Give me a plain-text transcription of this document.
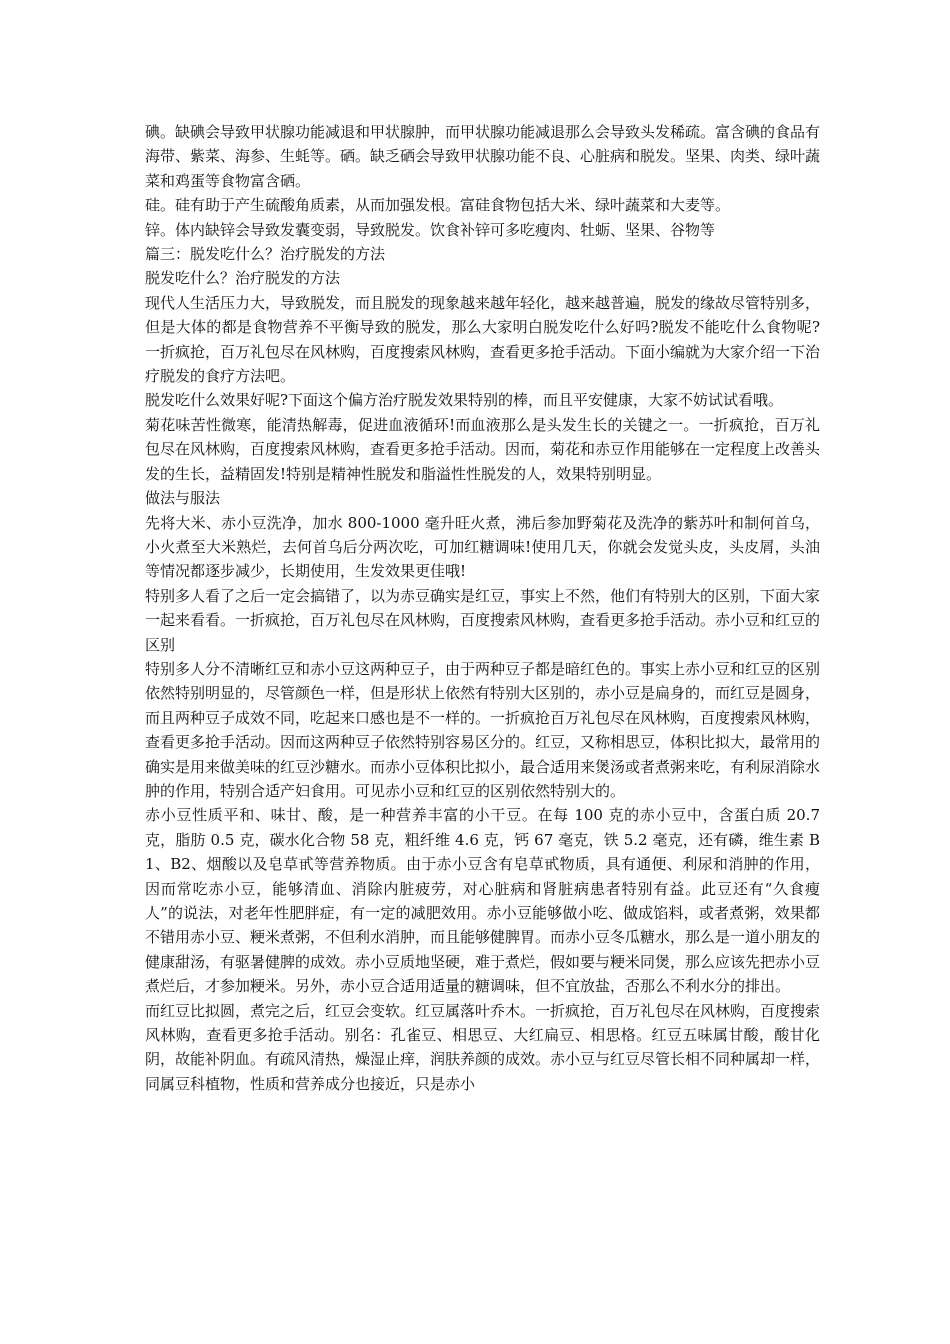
碘。缺碘会导致甲状腺功能减退和甲状腺肿，而甲状腺功能减退那么会导致头发稀疏。富含碘的食品有海带、紫菜、海参、生蚝等。硒。缺乏硒会导致甲状腺功能不良、心脏病和脱发。坚果、肉类、绿叶蔬菜和鸡蛋等食物富含硒。

硅。硅有助于产生硫酸角质素，从而加强发根。富硅食物包括大米、绿叶蔬菜和大麦等。

锌。体内缺锌会导致发囊变弱，导致脱发。饮食补锌可多吃瘦肉、牡蛎、坚果、谷物等

篇三：脱发吃什么？治疗脱发的方法

脱发吃什么？治疗脱发的方法

现代人生活压力大，导致脱发，而且脱发的现象越来越年轻化，越来越普遍，脱发的缘故尽管特别多，但是大体的都是食物营养不平衡导致的脱发，那么大家明白脱发吃什么好吗?脱发不能吃什么食物呢? 一折疯抢，百万礼包尽在风林购，百度搜索风林购，查看更多抢手活动。下面小编就为大家介绍一下治疗脱发的食疗方法吧。

脱发吃什么效果好呢?下面这个偏方治疗脱发效果特别的棒，而且平安健康，大家不妨试试看哦。

菊花味苦性微寒，能清热解毒，促进血液循环!而血液那么是头发生长的关键之一。一折疯抢，百万礼包尽在风林购，百度搜索风林购，查看更多抢手活动。因而，菊花和赤豆作用能够在一定程度上改善头发的生长，益精固发!特别是精神性脱发和脂溢性性脱发的人，效果特别明显。

做法与服法

先将大米、赤小豆洗净，加水 800-1000 毫升旺火煮，沸后参加野菊花及洗净的紫苏叶和制何首乌，小火煮至大米熟烂，去何首乌后分两次吃，可加红糖调味!使用几天，你就会发觉头皮，头皮屑，头油等情况都逐步减少，长期使用，生发效果更佳哦!

特别多人看了之后一定会搞错了，以为赤豆确实是红豆，事实上不然，他们有特别大的区别，下面大家一起来看看。一折疯抢，百万礼包尽在风林购，百度搜索风林购，查看更多抢手活动。赤小豆和红豆的区别

特别多人分不清晰红豆和赤小豆这两种豆子，由于两种豆子都是暗红色的。事实上赤小豆和红豆的区别依然特别明显的，尽管颜色一样，但是形状上依然有特别大区别的，赤小豆是扁身的，而红豆是圆身，而且两种豆子成效不同，吃起来口感也是不一样的。一折疯抢百万礼包尽在风林购，百度搜索风林购，查看更多抢手活动。因而这两种豆子依然特别容易区分的。红豆，又称相思豆，体积比拟大，最常用的确实是用来做美味的红豆沙糖水。而赤小豆体积比拟小，最合适用来煲汤或者煮粥来吃，有利尿消除水肿的作用，特别合适产妇食用。可见赤小豆和红豆的区别依然特别大的。

赤小豆性质平和、味甘、酸，是一种营养丰富的小干豆。在每 100 克的赤小豆中，含蛋白质 20.7 克，脂肪 0.5 克，碳水化合物 58 克，粗纤维 4.6 克，钙 67 毫克，铁 5.2 毫克，还有磷，维生素 B1、B2、烟酸以及皂草甙等营养物质。由于赤小豆含有皂草甙物质，具有通便、利尿和消肿的作用，因而常吃赤小豆，能够清血、消除内脏疲劳，对心脏病和肾脏病患者特别有益。此豆还有“久食瘦人”的说法，对老年性肥胖症，有一定的减肥效用。赤小豆能够做小吃、做成馅料，或者煮粥，效果都不错用赤小豆、粳米煮粥，不但利水消肿，而且能够健脾胃。而赤小豆冬瓜糖水，那么是一道小朋友的健康甜汤，有驱暑健脾的成效。赤小豆质地坚硬，难于煮烂，假如要与粳米同煲，那么应该先把赤小豆煮烂后，才参加粳米。另外，赤小豆合适用适量的糖调味，但不宜放盐，否那么不利水分的排出。

而红豆比拟圆，煮完之后，红豆会变软。红豆属落叶乔木。一折疯抢，百万礼包尽在风林购，百度搜索风林购，查看更多抢手活动。别名：孔雀豆、相思豆、大红扁豆、相思格。红豆五味属甘酸，酸甘化阴，故能补阴血。有疏风清热，燥湿止痒，润肤养颜的成效。赤小豆与红豆尽管长相不同种属却一样，同属豆科植物，性质和营养成分也接近，只是赤小
